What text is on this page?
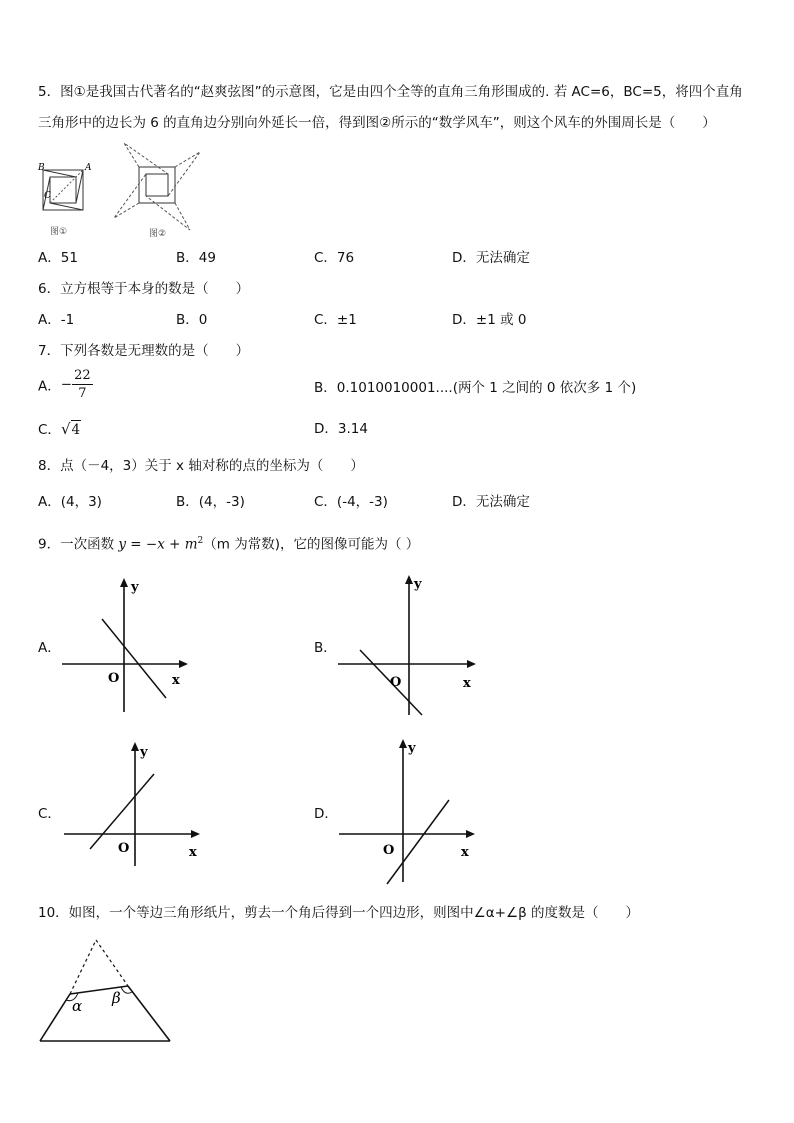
5．图①是我国古代著名的“赵爽弦图”的示意图，它是由四个全等的直角三角形围成的. 若 AC=6，BC=5，将四个直角
三角形中的边长为 6 的直角边分别向外延长一倍，得到图②所示的“数学风车”，则这个风车的外围周长是（　　）
B	A
C
图①	图②
A．51	B．49	C．76	D．无法确定
6．立方根等于本身的数是（　　）
A．-1	B．0	C．±1	D．±1 或 0
7．下列各数是无理数的是（　　）
A．− $\frac{22}{7}$	B．0.1010010001....(两个 1 之间的 0 依次多 1 个)
C．√4	D．3.14
8．点（－4，3）关于 x 轴对称的点的坐标为（　　）
A．(4，3)	B．(4，-3)	C．(-4，-3)	D．无法确定
9．一次函数 $y = -x + m^2(m$ 为常数)，它的图像可能为（ ）
A．
y
x
O
B．
y
x
O
C．
y
x
O
D．
y
x
O
10．如图，一个等边三角形纸片，剪去一个角后得到一个四边形，则图中∠α+∠β 的度数是（　　）
α β
